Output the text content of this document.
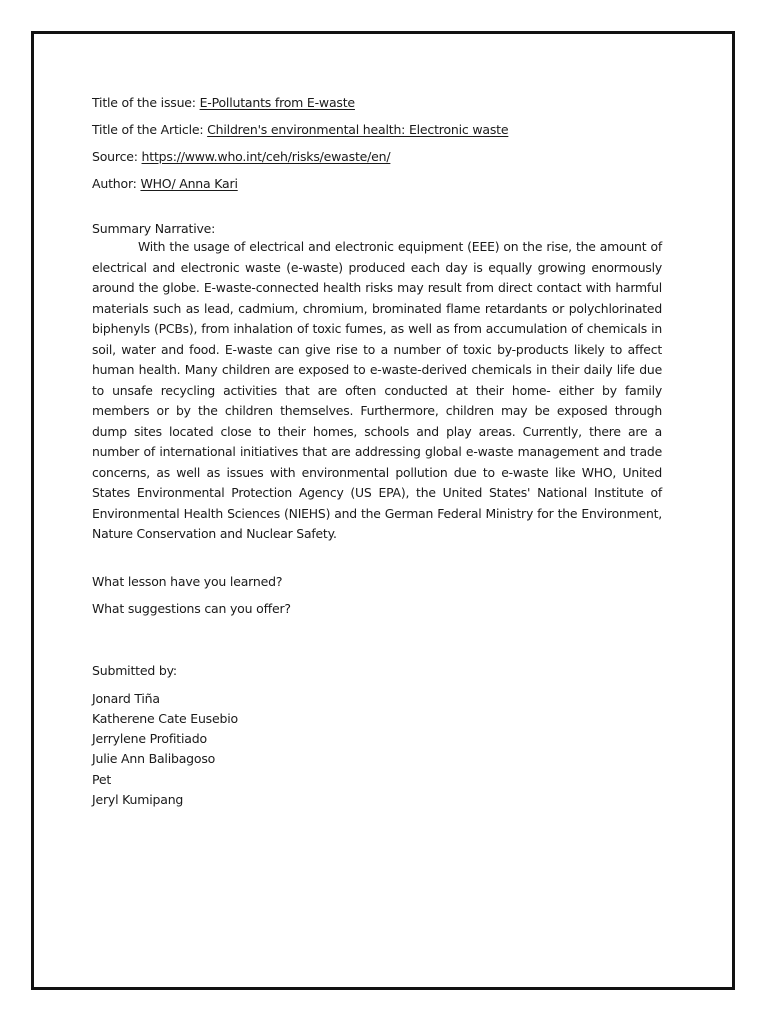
Title of the issue: E-Pollutants from E-waste

Title of the Article: Children's environmental health: Electronic waste

Source: https://www.who.int/ceh/risks/ewaste/en/

Author: WHO/ Anna Kari

Summary Narrative:

With the usage of electrical and electronic equipment (EEE) on the rise, the amount of electrical and electronic waste (e-waste) produced each day is equally growing enormously around the globe. E-waste-connected health risks may result from direct contact with harmful materials such as lead, cadmium, chromium, brominated flame retardants or polychlorinated biphenyls (PCBs), from inhalation of toxic fumes, as well as from accumulation of chemicals in soil, water and food. E-waste can give rise to a number of toxic by-products likely to affect human health. Many children are exposed to e-waste-derived chemicals in their daily life due to unsafe recycling activities that are often conducted at their home- either by family members or by the children themselves. Furthermore, children may be exposed through dump sites located close to their homes, schools and play areas. Currently, there are a number of international initiatives that are addressing global e-waste management and trade concerns, as well as issues with environmental pollution due to e-waste like WHO, United States Environmental Protection Agency (US EPA), the United States' National Institute of Environmental Health Sciences (NIEHS) and the German Federal Ministry for the Environment, Nature Conservation and Nuclear Safety.

What lesson have you learned?

What suggestions can you offer?

Submitted by:

Jonard Tiña
Katherene Cate Eusebio
Jerrylene Profitiado
Julie Ann Balibagoso
Pet
Jeryl Kumipang
